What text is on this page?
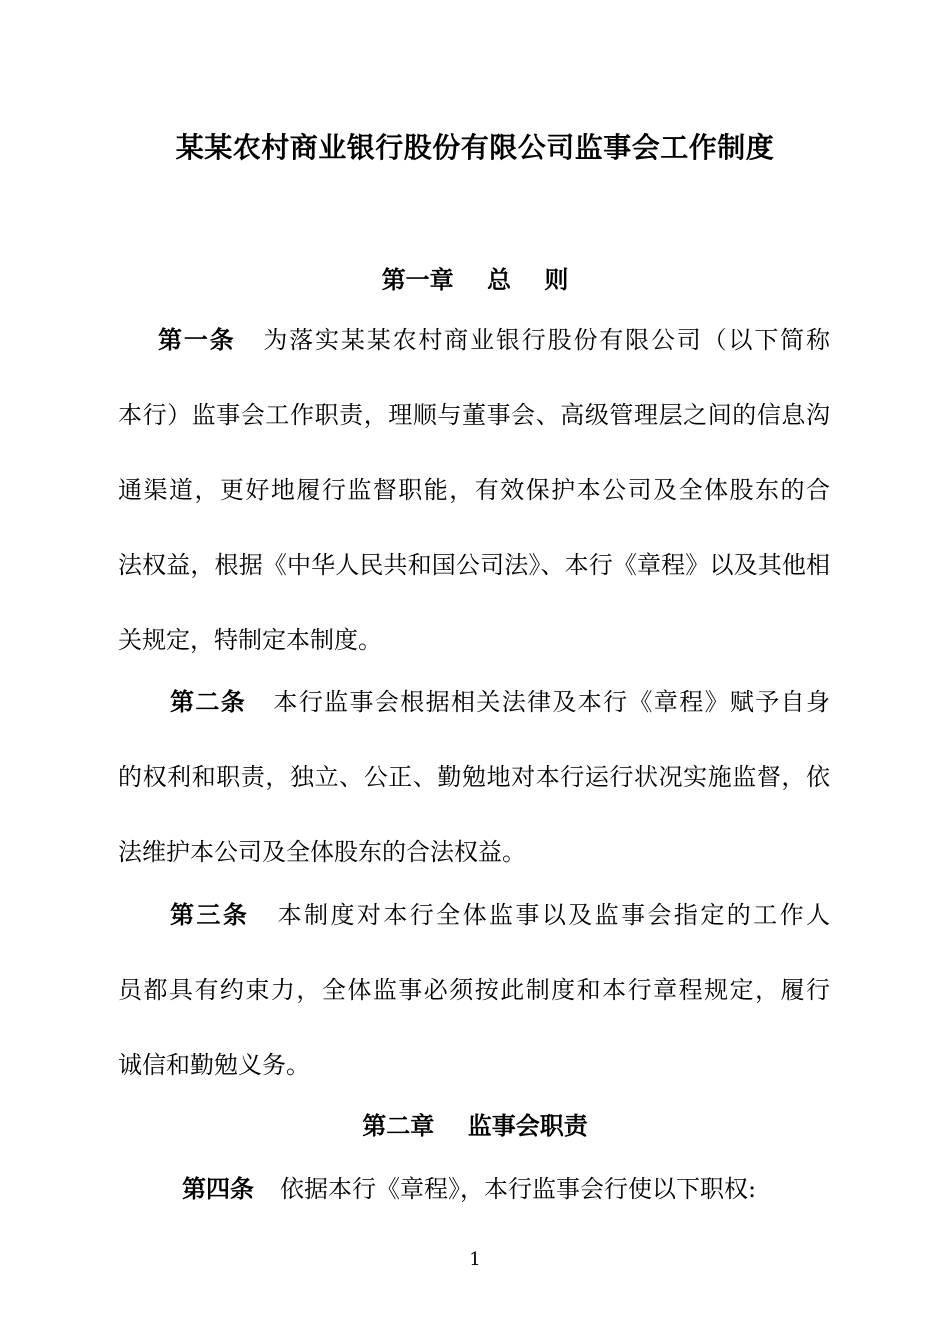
某某农村商业银行股份有限公司监事会工作制度
第一章    总    则
第一条 为落实某某农村商业银行股份有限公司（以下简称
本行）监事会工作职责，理顺与董事会、高级管理层之间的信息沟
通渠道，更好地履行监督职能，有效保护本公司及全体股东的合
法权益，根据《中华人民共和国公司法》、本行《章程》以及其他相
关规定，特制定本制度。
第二条 本行监事会根据相关法律及本行《章程》赋予自身
的权利和职责，独立、公正、勤勉地对本行运行状况实施监督，依
法维护本公司及全体股东的合法权益。
第三条 本制度对本行全体监事以及监事会指定的工作人
员都具有约束力，全体监事必须按此制度和本行章程规定，履行
诚信和勤勉义务。
第二章    监事会职责
第四条 依据本行《章程》，本行监事会行使以下职权:
1
